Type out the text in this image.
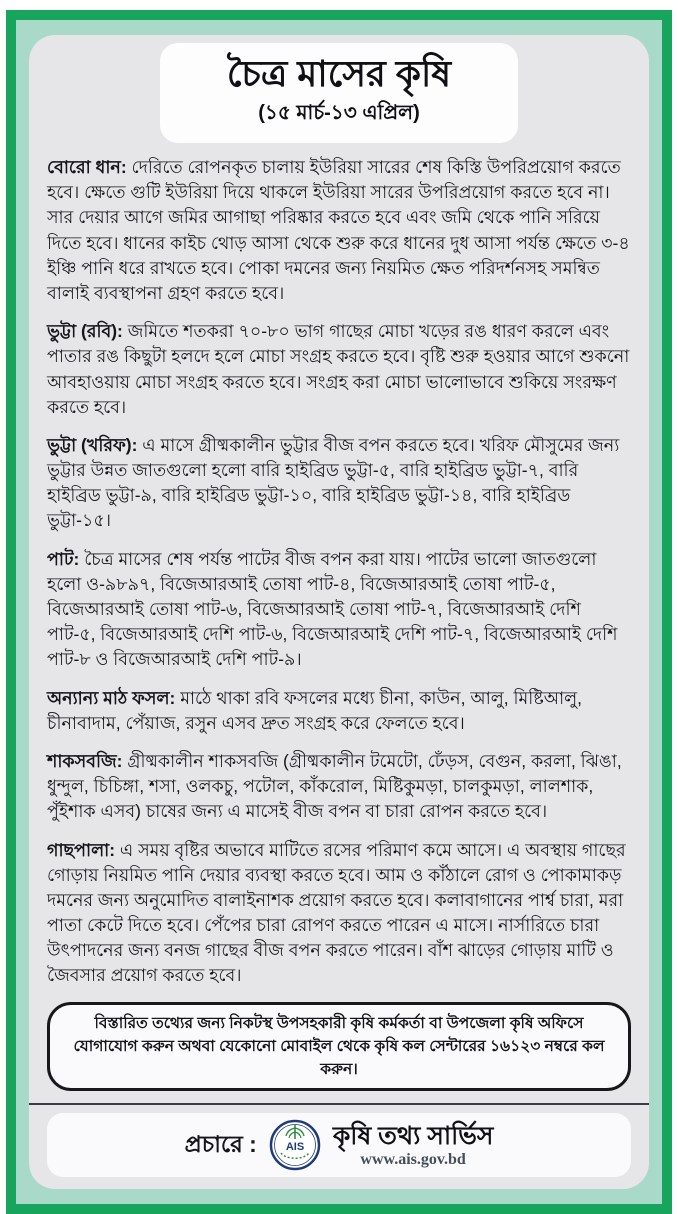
চৈত্র মাসের কৃষি
(১৫ মার্চ-১৩ এপ্রিল)

বোরো ধান: দেরিতে রোপনকৃত চালায় ইউরিয়া সারের শেষ কিস্তি উপরিপ্রয়োগ করতে হবে। ক্ষেতে গুটি ইউরিয়া দিয়ে থাকলে ইউরিয়া সারের উপরিপ্রয়োগ করতে হবে না। সার দেয়ার আগে জমির আগাছা পরিষ্কার করতে হবে এবং জমি থেকে পানি সরিয়ে দিতে হবে। ধানের কাইচ থোড় আসা থেকে শুরু করে ধানের দুধ আসা পর্যন্ত ক্ষেতে ৩-৪ ইঞ্চি পানি ধরে রাখতে হবে। পোকা দমনের জন্য নিয়মিত ক্ষেত পরিদর্শনসহ সমন্বিত বালাই ব্যবস্থাপনা গ্রহণ করতে হবে।

ভুট্টা (রবি): জমিতে শতকরা ৭০-৮০ ভাগ গাছের মোচা খড়ের রঙ ধারণ করলে এবং পাতার রঙ কিছুটা হলদে হলে মোচা সংগ্রহ করতে হবে। বৃষ্টি শুরু হওয়ার আগে শুকনো আবহাওয়ায় মোচা সংগ্রহ করতে হবে। সংগ্রহ করা মোচা ভালোভাবে শুকিয়ে সংরক্ষণ করতে হবে।

ভুট্টা (খরিফ): এ মাসে গ্রীষ্মকালীন ভুট্টার বীজ বপন করতে হবে। খরিফ মৌসুমের জন্য ভুট্টার উন্নত জাতগুলো হলো বারি হাইব্রিড ভুট্টা-৫, বারি হাইব্রিড ভুট্টা-৭, বারি হাইব্রিড ভুট্টা-৯, বারি হাইব্রিড ভুট্টা-১০, বারি হাইব্রিড ভুট্টা-১৪, বারি হাইব্রিড ভুট্টা-১৫।

পাট: চৈত্র মাসের শেষ পর্যন্ত পাটের বীজ বপন করা যায়। পাটের ভালো জাতগুলো হলো ও-৯৮৯৭, বিজেআরআই তোষা পাট-৪, বিজেআরআই তোষা পাট-৫, বিজেআরআই তোষা পাট-৬, বিজেআরআই তোষা পাট-৭, বিজেআরআই দেশি পাট-৫, বিজেআরআই দেশি পাট-৬, বিজেআরআই দেশি পাট-৭, বিজেআরআই দেশি পাট-৮ ও বিজেআরআই দেশি পাট-৯।

অন্যান্য মাঠ ফসল: মাঠে থাকা রবি ফসলের মধ্যে চীনা, কাউন, আলু, মিষ্টিআলু, চীনাবাদাম, পেঁয়াজ, রসুন এসব দ্রুত সংগ্রহ করে ফেলতে হবে।

শাকসবজি: গ্রীষ্মকালীন শাকসবজি (গ্রীষ্মকালীন টমেটো, ঢেঁড়স, বেগুন, করলা, ঝিঙা, ধুন্দুল, চিচিঙ্গা, শসা, ওলকচু, পটোল, কাঁকরোল, মিষ্টিকুমড়া, চালকুমড়া, লালশাক, পুঁইশাক এসব) চাষের জন্য এ মাসেই বীজ বপন বা চারা রোপন করতে হবে।

গাছপালা: এ সময় বৃষ্টির অভাবে মাটিতে রসের পরিমাণ কমে আসে। এ অবস্থায় গাছের গোড়ায় নিয়মিত পানি দেয়ার ব্যবস্থা করতে হবে। আম ও কাঁঠালে রোগ ও পোকামাকড় দমনের জন্য অনুমোদিত বালাইনাশক প্রয়োগ করতে হবে। কলাবাগানের পার্শ্ব চারা, মরা পাতা কেটে দিতে হবে। পেঁপের চারা রোপণ করতে পারেন এ মাসে। নার্সারিতে চারা উৎপাদনের জন্য বনজ গাছের বীজ বপন করতে পারেন। বাঁশ ঝাড়ের গোড়ায় মাটি ও জৈবসার প্রয়োগ করতে হবে।

বিস্তারিত তথ্যের জন্য নিকটস্থ উপসহকারী কৃষি কর্মকর্তা বা উপজেলা কৃষি অফিসে যোগাযোগ করুন অথবা যেকোনো মোবাইল থেকে কৃষি কল সেন্টারের ১৬১২৩ নম্বরে কল করুন।
প্রচারে :	AIS কৃষি তথ্য সার্ভিস
www.ais.gov.bd
